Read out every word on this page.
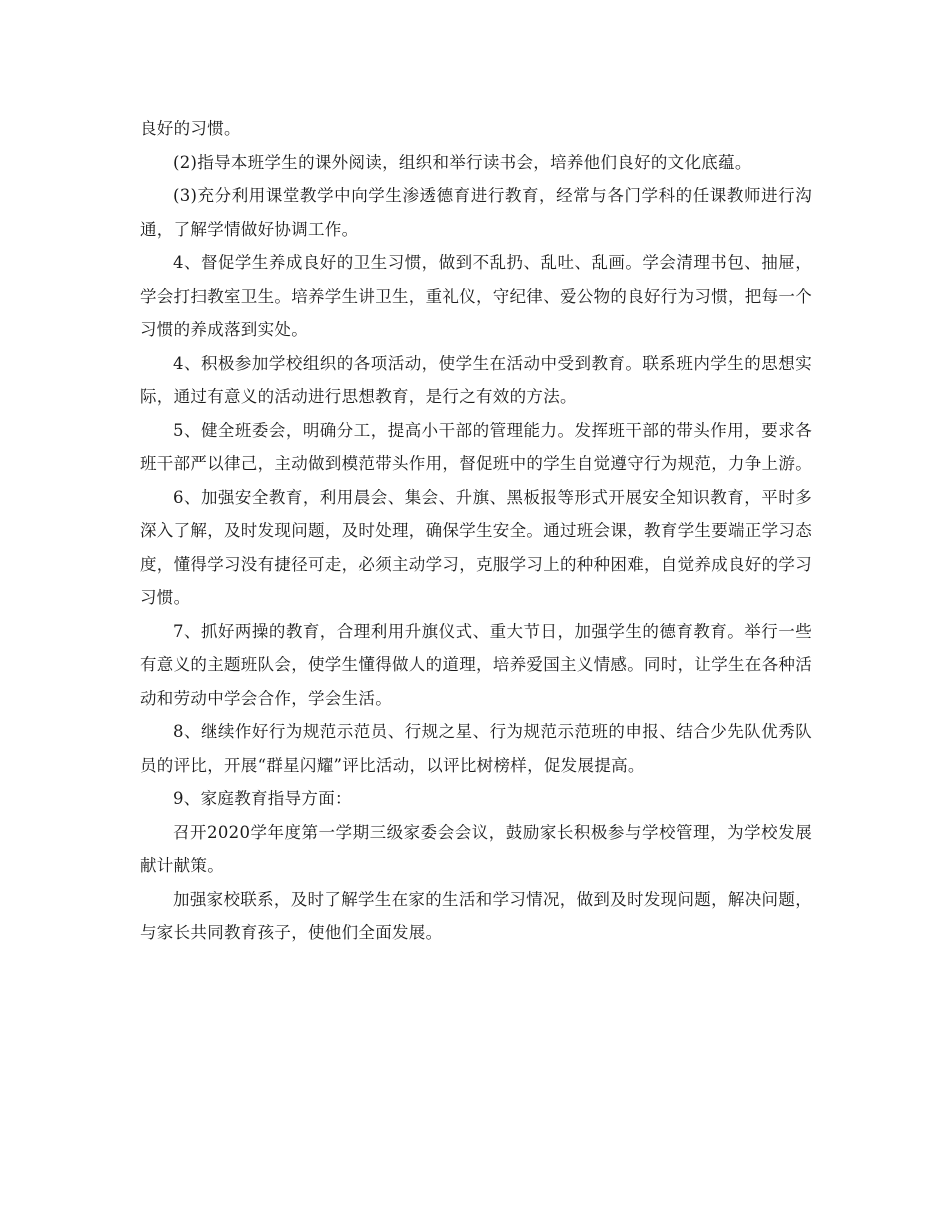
良好的习惯。

(2)指导本班学生的课外阅读，组织和举行读书会，培养他们良好的文化底蕴。

(3)充分利用课堂教学中向学生渗透德育进行教育，经常与各门学科的任课教师进行沟通，了解学情做好协调工作。

4、督促学生养成良好的卫生习惯，做到不乱扔、乱吐、乱画。学会清理书包、抽屉，学会打扫教室卫生。培养学生讲卫生，重礼仪，守纪律、爱公物的良好行为习惯，把每一个习惯的养成落到实处。

4、积极参加学校组织的各项活动，使学生在活动中受到教育。联系班内学生的思想实际，通过有意义的活动进行思想教育，是行之有效的方法。

5、健全班委会，明确分工，提高小干部的管理能力。发挥班干部的带头作用，要求各班干部严以律己，主动做到模范带头作用，督促班中的学生自觉遵守行为规范，力争上游。

6、加强安全教育，利用晨会、集会、升旗、黑板报等形式开展安全知识教育，平时多深入了解，及时发现问题，及时处理，确保学生安全。通过班会课，教育学生要端正学习态度，懂得学习没有捷径可走，必须主动学习，克服学习上的种种困难，自觉养成良好的学习习惯。

7、抓好两操的教育，合理利用升旗仪式、重大节日，加强学生的德育教育。举行一些有意义的主题班队会，使学生懂得做人的道理，培养爱国主义情感。同时，让学生在各种活动和劳动中学会合作，学会生活。

8、继续作好行为规范示范员、行规之星、行为规范示范班的申报、结合少先队优秀队员的评比，开展“群星闪耀”评比活动，以评比树榜样，促发展提高。

9、家庭教育指导方面：

召开2020学年度第一学期三级家委会会议，鼓励家长积极参与学校管理，为学校发展献计献策。

加强家校联系，及时了解学生在家的生活和学习情况，做到及时发现问题，解决问题，与家长共同教育孩子，使他们全面发展。
